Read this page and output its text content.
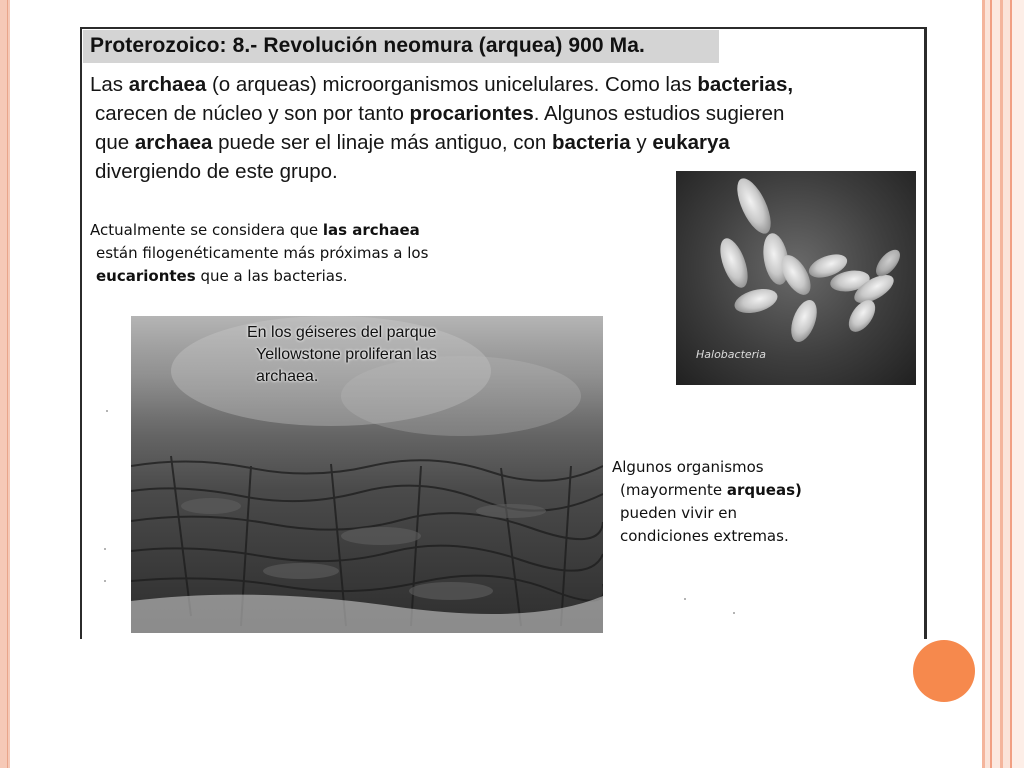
Proterozoico: 8.- Revolución neomura (arquea) 900 Ma.
Las archaea (o arqueas) microorganismos unicelulares. Como las bacterias,
carecen de núcleo y son por tanto procariontes. Algunos estudios sugieren
que archaea puede ser el linaje más antiguo, con bacteria y eukarya
divergiendo de este grupo.
Actualmente se considera que las archaea
están filogenéticamente más próximas a los
eucariontes que a las bacterias.
Halobacteria
En los géiseres del parque
Yellowstone proliferan las
archaea.
Algunos organismos
(mayormente arqueas)
pueden vivir en
condiciones extremas.
